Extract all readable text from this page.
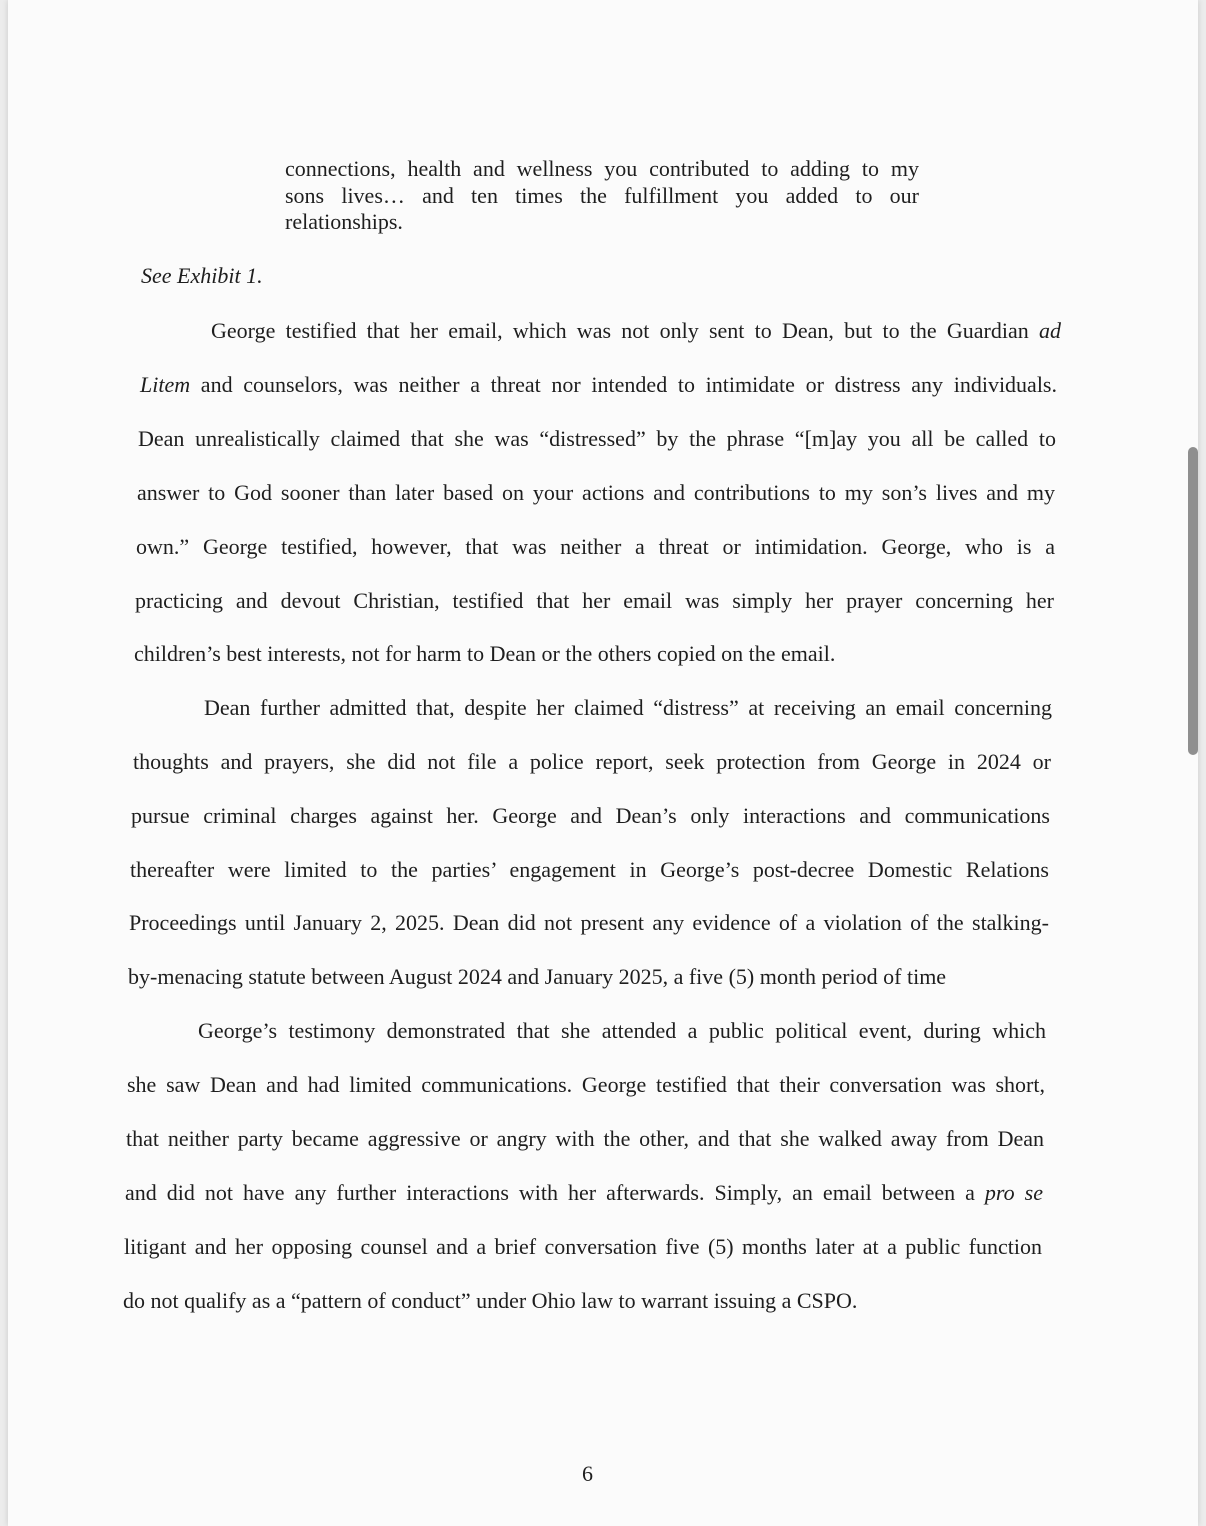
connections, health and wellness you contributed to adding to my
sons lives… and ten times the fulfillment you added to our
relationships.
See Exhibit 1.
George testified that her email, which was not only sent to Dean, but to the Guardian ad
Litem and counselors, was neither a threat nor intended to intimidate or distress any individuals.
Dean unrealistically claimed that she was “distressed” by the phrase “[m]ay you all be called to
answer to God sooner than later based on your actions and contributions to my son’s lives and my
own.” George testified, however, that was neither a threat or intimidation. George, who is a
practicing and devout Christian, testified that her email was simply her prayer concerning her
children’s best interests, not for harm to Dean or the others copied on the email.
Dean further admitted that, despite her claimed “distress” at receiving an email concerning
thoughts and prayers, she did not file a police report, seek protection from George in 2024 or
pursue criminal charges against her. George and Dean’s only interactions and communications
thereafter were limited to the parties’ engagement in George’s post-decree Domestic Relations
Proceedings until January 2, 2025. Dean did not present any evidence of a violation of the stalking-
by-menacing statute between August 2024 and January 2025, a five (5) month period of time
George’s testimony demonstrated that she attended a public political event, during which
she saw Dean and had limited communications. George testified that their conversation was short,
that neither party became aggressive or angry with the other, and that she walked away from Dean
and did not have any further interactions with her afterwards. Simply, an email between a pro se
litigant and her opposing counsel and a brief conversation five (5) months later at a public function
do not qualify as a “pattern of conduct” under Ohio law to warrant issuing a CSPO.
6
